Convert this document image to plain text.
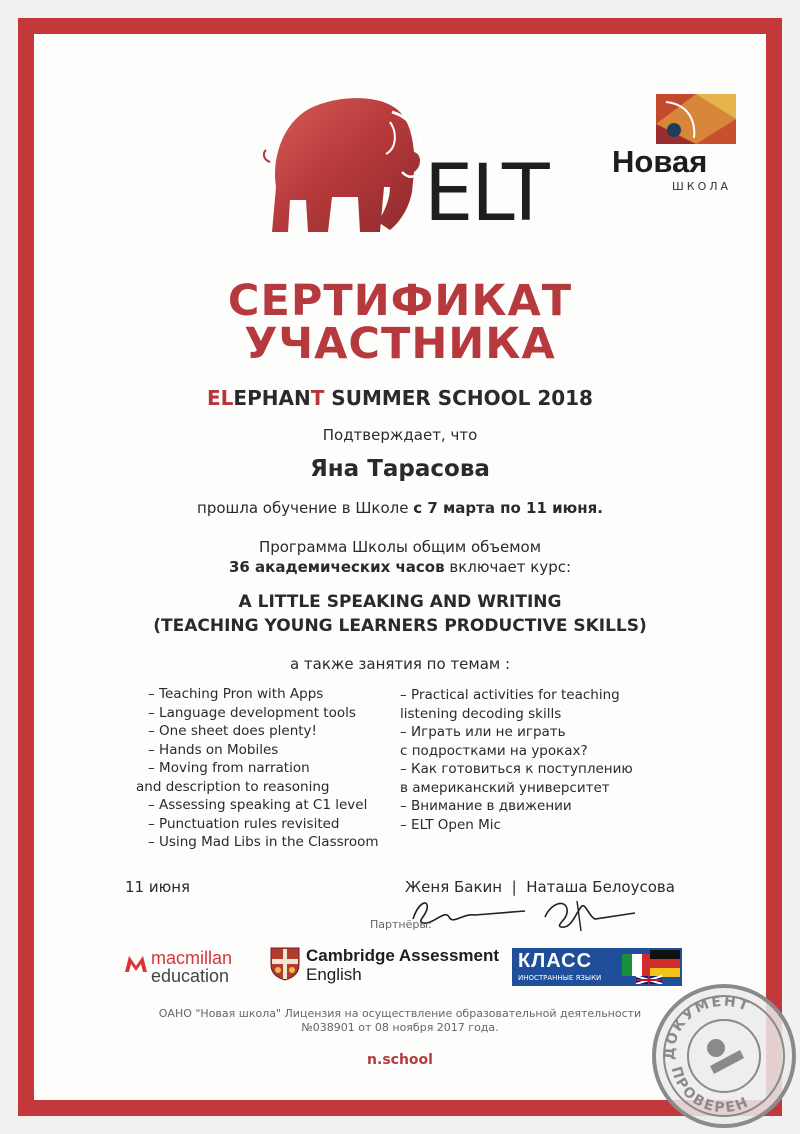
ELT Новая
ШКОЛА
СЕРТИФИКАТ
УЧАСТНИКА
ELEPHANT SUMMER SCHOOL 2018
Подтверждает, что
Яна Тарасова
прошла обучение в Школе с 7 марта по 11 июня.
Программа Школы общим объемом
36 академических часов включает курс:
A LITTLE SPEAKING AND WRITING
(TEACHING YOUNG LEARNERS PRODUCTIVE SKILLS)
а также занятия по темам :
– Teaching Pron with Apps
– Language development tools
– One sheet does plenty!
– Hands on Mobiles
– Moving from narration
and description to reasoning
– Assessing speaking at C1 level
– Punctuation rules revisited
– Using Mad Libs in the Classroom
– Practical activities for teaching
listening decoding skills
– Играть или не играть
с подростками на уроках?
– Как готовиться к поступлению
в американский университет
– Внимание в движении
– ELT Open Mic
11 июня	Женя Бакин  |  Наташа Белоусова
Партнёры:
macmillan
education
Cambridge Assessment
English
КЛАСС
ИНОСТРАННЫЕ ЯЗЫКИ
ОАНО "Новая школа" Лицензия на осуществление образовательной деятельности
№038901 от 08 ноября 2017 года.
n.school	ДОКУМЕНТ
ПРОВЕРЕН
